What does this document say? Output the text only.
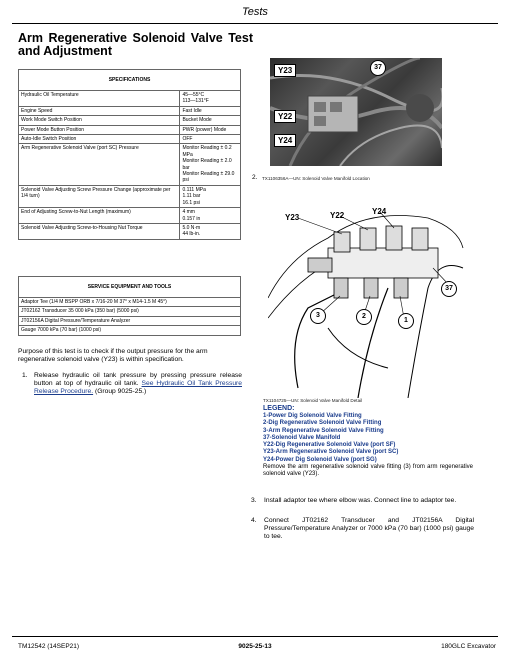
Tests
Arm Regenerative Solenoid Valve Test and Adjustment
SPECIFICATIONS	
Hydraulic Oil Temperature	45—55°C
113—131°F
Engine Speed	Fast Idle
Work Mode Switch Position	Bucket Mode
Power Mode Button Position	PWR (power) Mode
Auto-Idle Switch Position	OFF
Arm Regenerative Solenoid Valve (port SC) Pressure	Monitor Reading ± 0.2 MPa
Monitor Reading ± 2.0 bar
Monitor Reading ± 29.0 psi
Solenoid Valve Adjusting Screw Pressure Change (approximate per 1/4 turn)	0.111 MPa
1.11 bar
16.1 psi
End of Adjusting Screw-to-Nut Length (maximum)	4 mm
0.157 in
Solenoid Valve Adjusting Screw-to-Housing Nut Torque	5.0 N·m
44 lb-in.
SERVICE EQUIPMENT AND TOOLS
Adaptor Tee (1/4 M BSPP ORB x 7/16-20 M 37° x M14-1.5 M 45°)
JT02162 Transducer 35 000 kPa (350 bar) (5000 psi)
JT02156A Digital Pressure/Temperature Analyzer
Gauge 7000 kPa (70 bar) (1000 psi)
Purpose of this test is to check if the output pressure for the arm regenerative solenoid valve (Y23) is within specification.
1. Release hydraulic oil tank pressure by pressing pressure release button at top of hydraulic oil tank. See Hydraulic Oil Tank Pressure Release Procedure. (Group 9025-25.)
Y23
Y22
Y24
37
2. TX1106356A—UN: Solenoid Valve Manifold Location
Y23	Y22	Y24
37
3	2
1
TX1104725—UN: Solenoid Valve Manifold Detail
LEGEND:
1-Power Dig Solenoid Valve Fitting
2-Dig Regenerative Solenoid Valve Fitting
3-Arm Regenerative Solenoid Valve Fitting
37-Solenoid Valve Manifold
Y22-Dig Regenerative Solenoid Valve (port SF)
Y23-Arm Regenerative Solenoid Valve (port SC)
Y24-Power Dig Solenoid Valve (port SG)
Remove the arm regenerative solenoid valve fitting (3) from arm regenerative solenoid valve (Y23).
3. Install adaptor tee where elbow was. Connect line to adaptor tee.
4. Connect JT02162 Transducer and JT02156A Digital Pressure/Temperature Analyzer or 7000 kPa (70 bar) (1000 psi) gauge to tee.
TM12542 (14SEP21)	9025-25-13	180GLC Excavator
